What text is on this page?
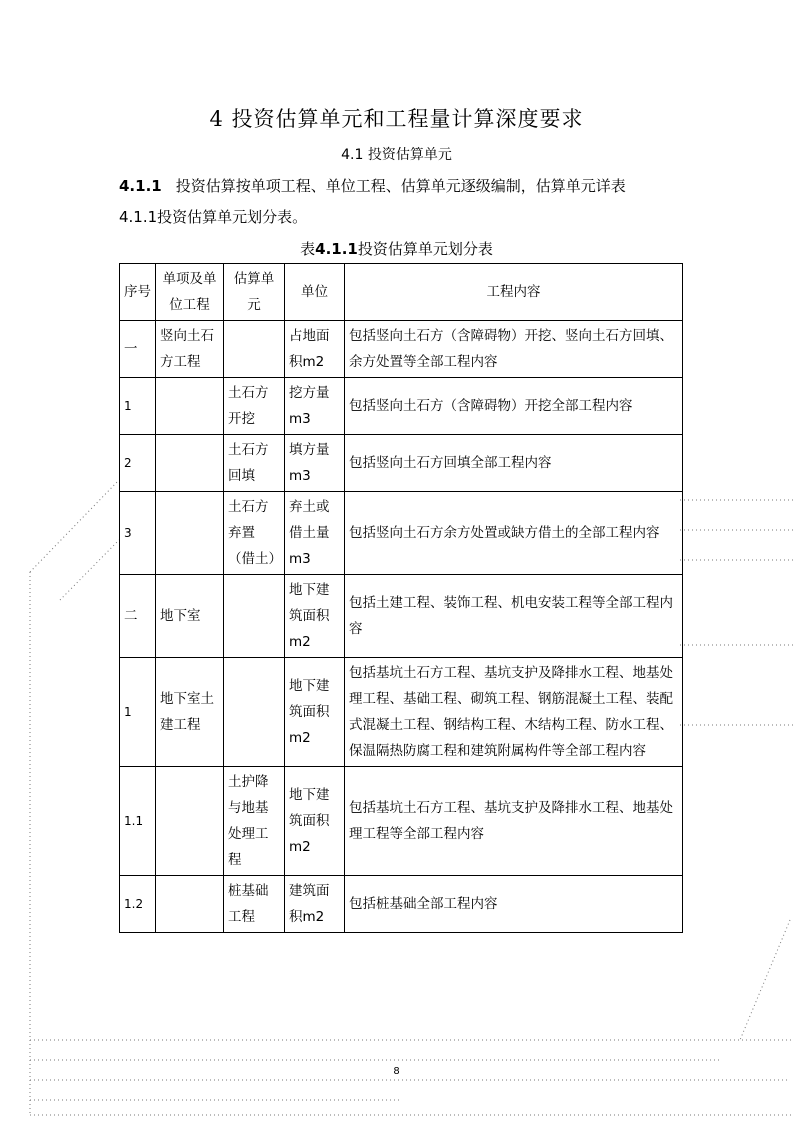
4 投资估算单元和工程量计算深度要求
4.1 投资估算单元
4.1.1 投资估算按单项工程、单位工程、估算单元逐级编制，估算单元详表
4.1.1投资估算单元划分表。
表4.1.1投资估算单元划分表
序号	单项及单位工程	估算单元	单位	工程内容
一	竖向土石方工程		占地面积m2	包括竖向土石方（含障碍物）开挖、竖向土石方回填、余方处置等全部工程内容
1		土石方开挖	挖方量m3	包括竖向土石方（含障碍物）开挖全部工程内容
2		土石方回填	填方量m3	包括竖向土石方回填全部工程内容
3		土石方弃置（借土）	弃土或借土量m3	包括竖向土石方余方处置或缺方借土的全部工程内容
二	地下室		地下建筑面积m2	包括土建工程、装饰工程、机电安装工程等全部工程内容
1	地下室土建工程		地下建筑面积m2	包括基坑土石方工程、基坑支护及降排水工程、地基处理工程、基础工程、砌筑工程、钢筋混凝土工程、装配式混凝土工程、钢结构工程、木结构工程、防水工程、保温隔热防腐工程和建筑附属构件等全部工程内容
1.1		土护降与地基处理工程	地下建筑面积m2	包括基坑土石方工程、基坑支护及降排水工程、地基处理工程等全部工程内容
1.2		桩基础工程	建筑面积m2	包括桩基础全部工程内容
8
